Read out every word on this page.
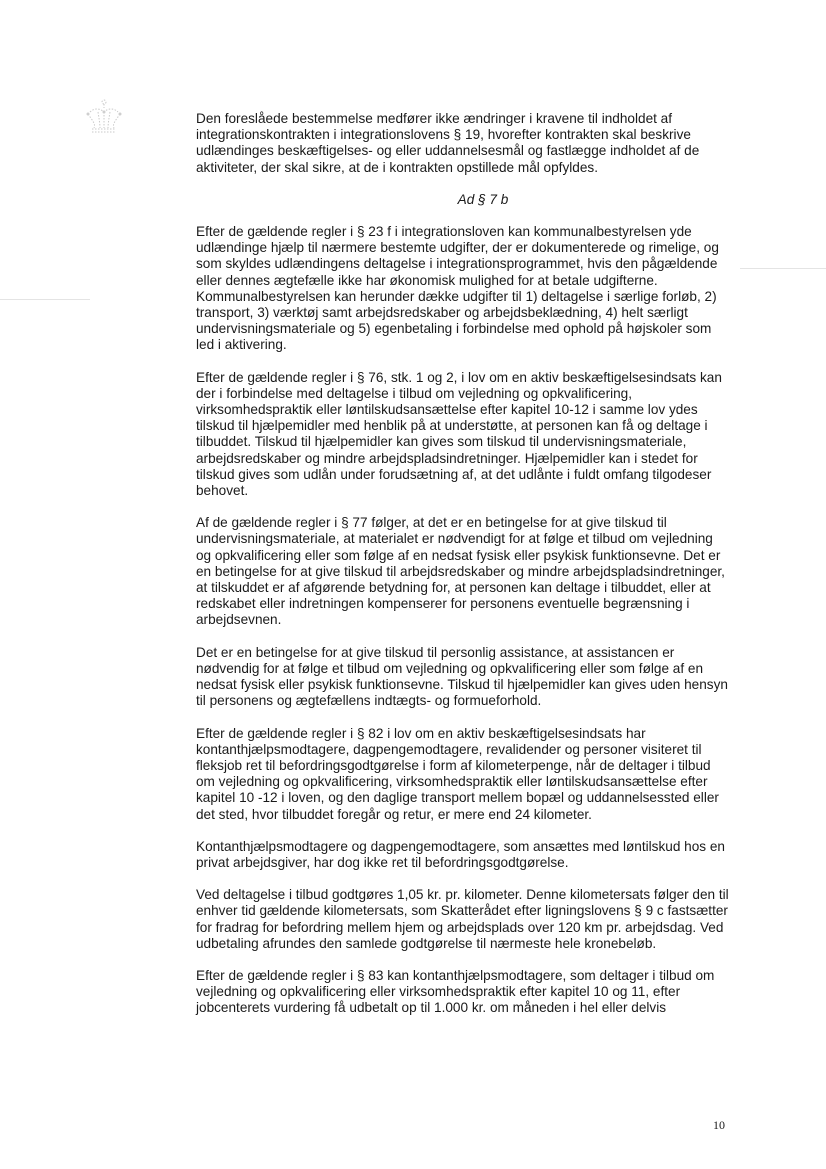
Den foreslåede bestemmelse medfører ikke ændringer i kravene til indholdet af integrationskontrakten i integrationslovens § 19, hvorefter kontrakten skal beskrive udlændinges beskæftigelses- og eller uddannelsesmål og fastlægge indholdet af de aktiviteter, der skal sikre, at de i kontrakten opstillede mål opfyldes.

Ad § 7 b

Efter de gældende regler i § 23 f i integrationsloven kan kommunalbestyrelsen yde udlændinge hjælp til nærmere bestemte udgifter, der er dokumenterede og rimelige, og som skyldes udlændingens deltagelse i integrationsprogrammet, hvis den pågældende eller dennes ægtefælle ikke har økonomisk mulighed for at betale udgifterne. Kommunalbestyrelsen kan herunder dække udgifter til 1) deltagelse i særlige forløb, 2) transport, 3) værktøj samt arbejdsredskaber og arbejdsbeklædning, 4) helt særligt undervisningsmateriale og 5) egenbetaling i forbindelse med ophold på højskoler som led i aktivering.

Efter de gældende regler i § 76, stk. 1 og 2, i lov om en aktiv beskæftigelsesindsats kan der i forbindelse med deltagelse i tilbud om vejledning og opkvalificering, virksomhedspraktik eller løntilskudsansættelse efter kapitel 10-12 i samme lov ydes tilskud til hjælpemidler med henblik på at understøtte, at personen kan få og deltage i tilbuddet. Tilskud til hjælpemidler kan gives som tilskud til undervisningsmateriale, arbejdsredskaber og mindre arbejdspladsindretninger. Hjælpemidler kan i stedet for tilskud gives som udlån under forudsætning af, at det udlånte i fuldt omfang tilgodeser behovet.

Af de gældende regler i § 77 følger, at det er en betingelse for at give tilskud til undervisningsmateriale, at materialet er nødvendigt for at følge et tilbud om vejledning og opkvalificering eller som følge af en nedsat fysisk eller psykisk funktionsevne. Det er en betingelse for at give tilskud til arbejdsredskaber og mindre arbejdspladsindretninger, at tilskuddet er af afgørende betydning for, at personen kan deltage i tilbuddet, eller at redskabet eller indretningen kompenserer for personens eventuelle begrænsning i arbejdsevnen.

Det er en betingelse for at give tilskud til personlig assistance, at assistancen er nødvendig for at følge et tilbud om vejledning og opkvalificering eller som følge af en nedsat fysisk eller psykisk funktionsevne. Tilskud til hjælpemidler kan gives uden hensyn til personens og ægtefællens indtægts- og formueforhold.

Efter de gældende regler i § 82 i lov om en aktiv beskæftigelsesindsats har kontanthjælpsmodtagere, dagpengemodtagere, revalidender og personer visiteret til fleksjob ret til befordringsgodtgørelse i form af kilometerpenge, når de deltager i tilbud om vejledning og opkvalificering, virksomhedspraktik eller løntilskudsansættelse efter kapitel 10 -12 i loven, og den daglige transport mellem bopæl og uddannelsessted eller det sted, hvor tilbuddet foregår og retur, er mere end 24 kilometer.

Kontanthjælpsmodtagere og dagpengemodtagere, som ansættes med løntilskud hos en privat arbejdsgiver, har dog ikke ret til befordringsgodtgørelse.

Ved deltagelse i tilbud godtgøres 1,05 kr. pr. kilometer. Denne kilometersats følger den til enhver tid gældende kilometersats, som Skatterådet efter ligningslovens § 9 c fastsætter for fradrag for befordring mellem hjem og arbejdsplads over 120 km pr. arbejdsdag. Ved udbetaling afrundes den samlede godtgørelse til nærmeste hele kronebeløb.

Efter de gældende regler i § 83 kan kontanthjælpsmodtagere, som deltager i tilbud om vejledning og opkvalificering eller virksomhedspraktik efter kapitel 10 og 11, efter jobcenterets vurdering få udbetalt op til 1.000 kr. om måneden i hel eller delvis

10
